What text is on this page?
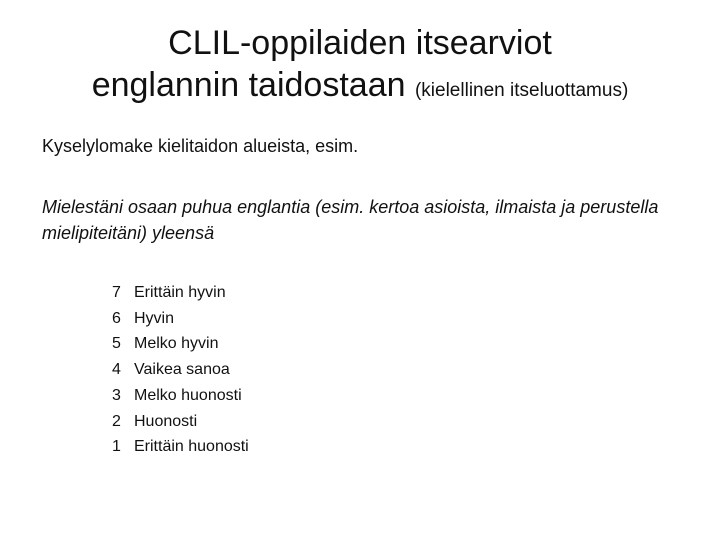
CLIL-oppilaiden itsearviot
englannin taidostaan (kielellinen itseluottamus)
Kyselylomake kielitaidon alueista, esim.
Mielestäni osaan puhua englantia (esim. kertoa asioista, ilmaista ja perustella mielipiteitäni) yleensä
7 Erittäin hyvin
6 Hyvin
5 Melko hyvin
4 Vaikea sanoa
3 Melko huonosti
2 Huonosti
1 Erittäin huonosti
